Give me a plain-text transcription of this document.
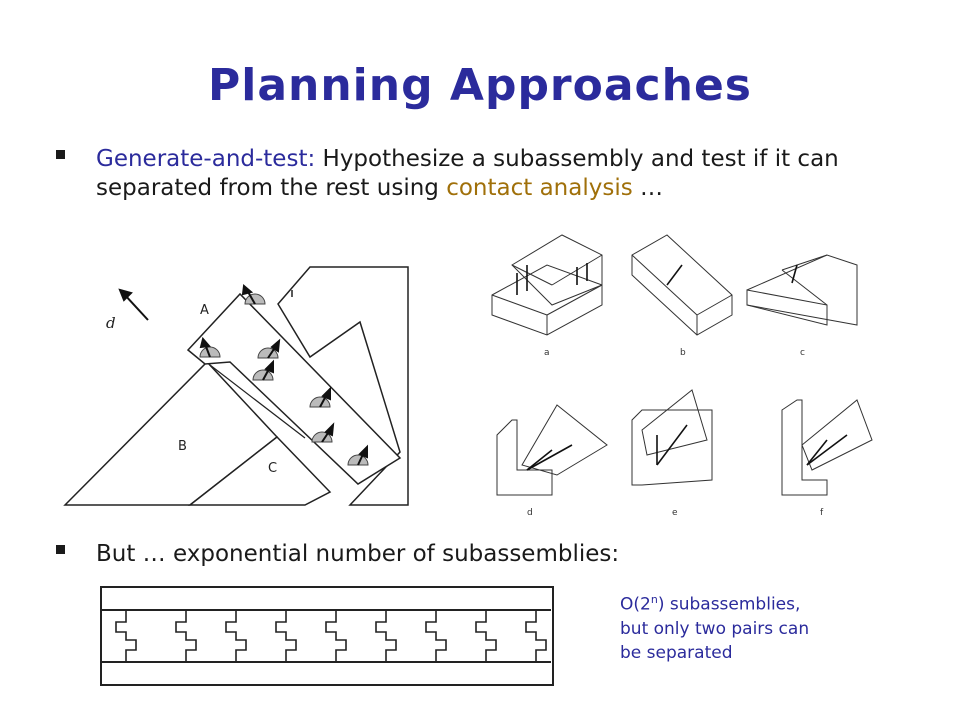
Planning Approaches
Generate-and-test: Hypothesize a subassembly and test if it can separated from the rest using contact analysis …
d
A
B
C
a	b	c
d	e	f
But … exponential number of subassemblies:
O(2$^n$) subassemblies,
but only two pairs can
be separated
